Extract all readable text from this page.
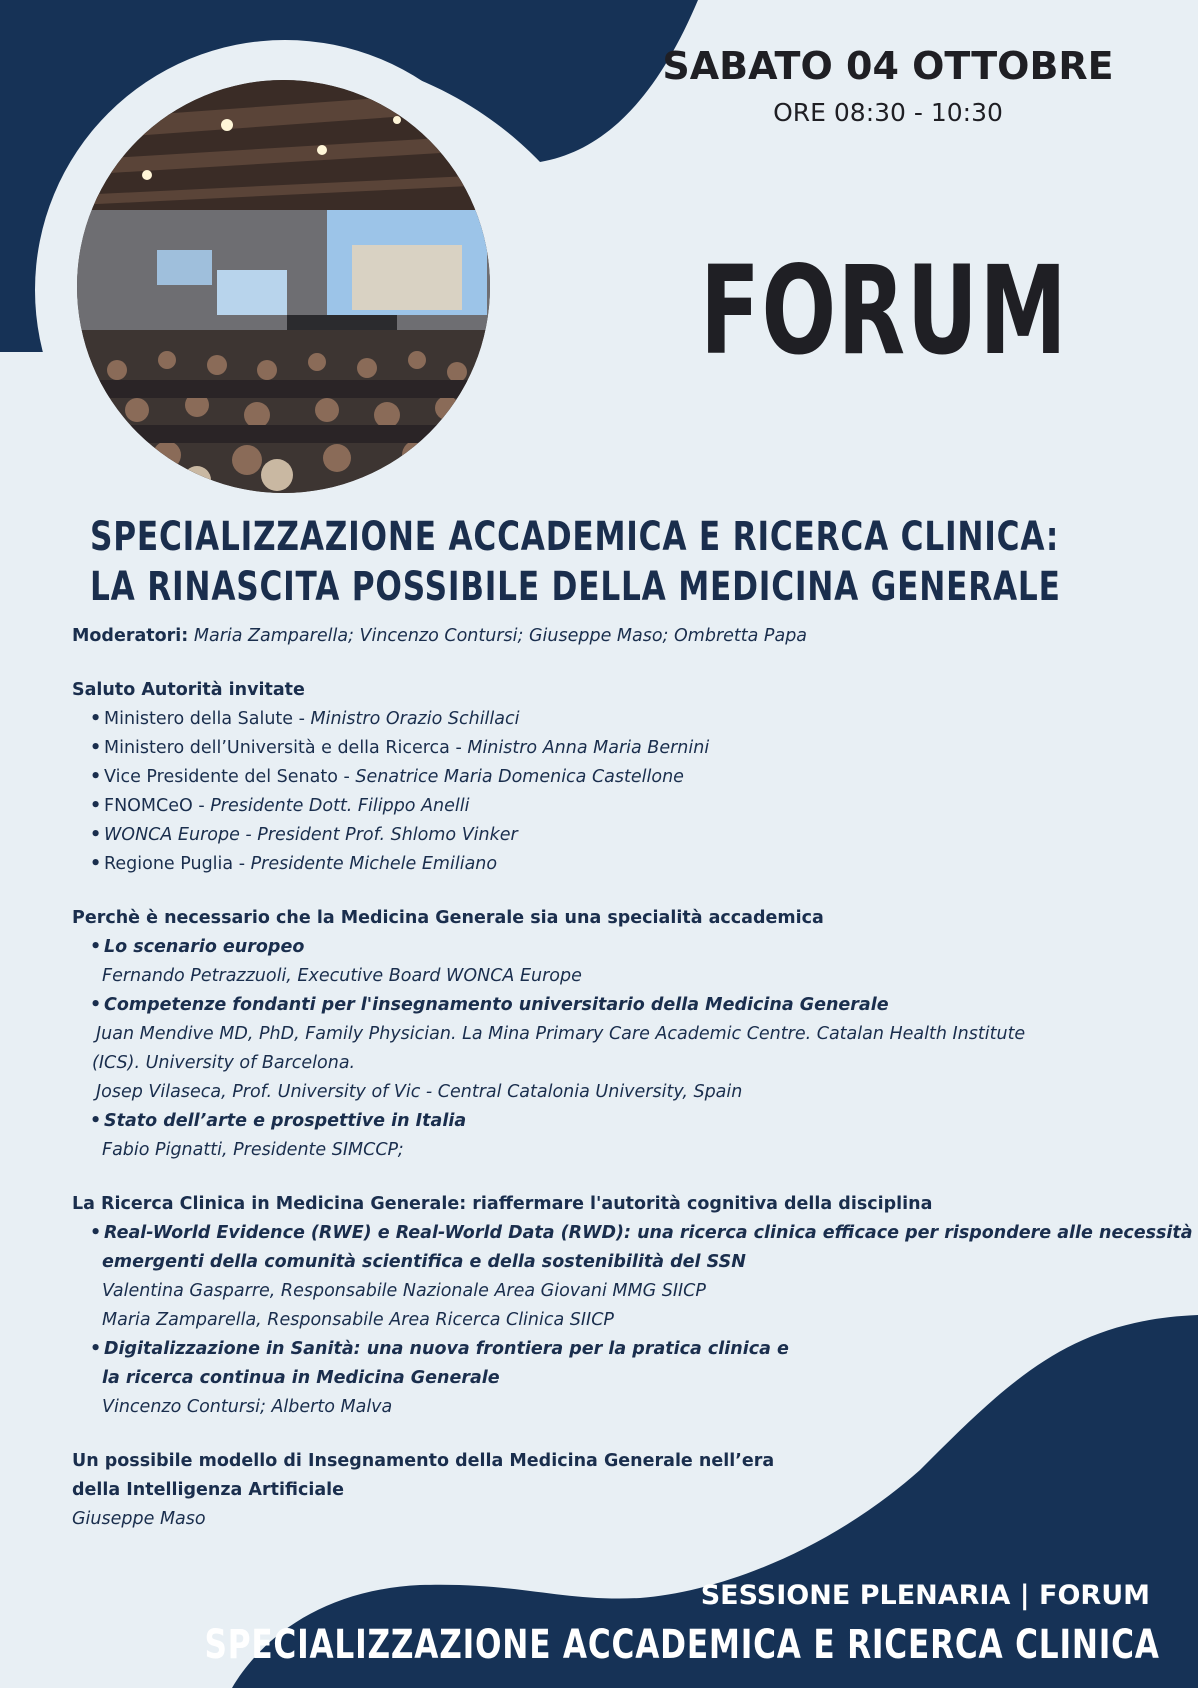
SABATO 04 OTTOBRE
ORE 08:30 - 10:30
FORUM
SPECIALIZZAZIONE ACCADEMICA E RICERCA CLINICA:
LA RINASCITA POSSIBILE DELLA MEDICINA GENERALE
Moderatori: Maria Zamparella; Vincenzo Contursi; Giuseppe Maso; Ombretta Papa
Saluto Autorità invitate
• Ministero della Salute - Ministro Orazio Schillaci
• Ministero dell’Università e della Ricerca - Ministro Anna Maria Bernini
• Vice Presidente del Senato - Senatrice Maria Domenica Castellone
• FNOMCeO - Presidente Dott. Filippo Anelli
• WONCA Europe - President Prof. Shlomo Vinker
• Regione Puglia - Presidente Michele Emiliano
Perchè è necessario che la Medicina Generale sia una specialità accademica
• Lo scenario europeo
Fernando Petrazzuoli, Executive Board WONCA Europe
• Competenze fondanti per l'insegnamento universitario della Medicina Generale
Juan Mendive MD, PhD, Family Physician. La Mina Primary Care Academic Centre. Catalan Health Institute
(ICS). University of Barcelona.
Josep Vilaseca, Prof. University of Vic - Central Catalonia University, Spain
• Stato dell’arte e prospettive in Italia
Fabio Pignatti, Presidente SIMCCP;
La Ricerca Clinica in Medicina Generale: riaffermare l'autorità cognitiva della disciplina
• Real-World Evidence (RWE) e Real-World Data (RWD): una ricerca clinica efficace per rispondere alle necessità
emergenti della comunità scientifica e della sostenibilità del SSN
Valentina Gasparre, Responsabile Nazionale Area Giovani MMG SIICP
Maria Zamparella, Responsabile Area Ricerca Clinica SIICP
• Digitalizzazione in Sanità: una nuova frontiera per la pratica clinica e
la ricerca continua in Medicina Generale
Vincenzo Contursi; Alberto Malva
Un possibile modello di Insegnamento della Medicina Generale nell’era
della Intelligenza Artificiale
Giuseppe Maso
SESSIONE PLENARIA | FORUM
SPECIALIZZAZIONE ACCADEMICA E RICERCA CLINICA
